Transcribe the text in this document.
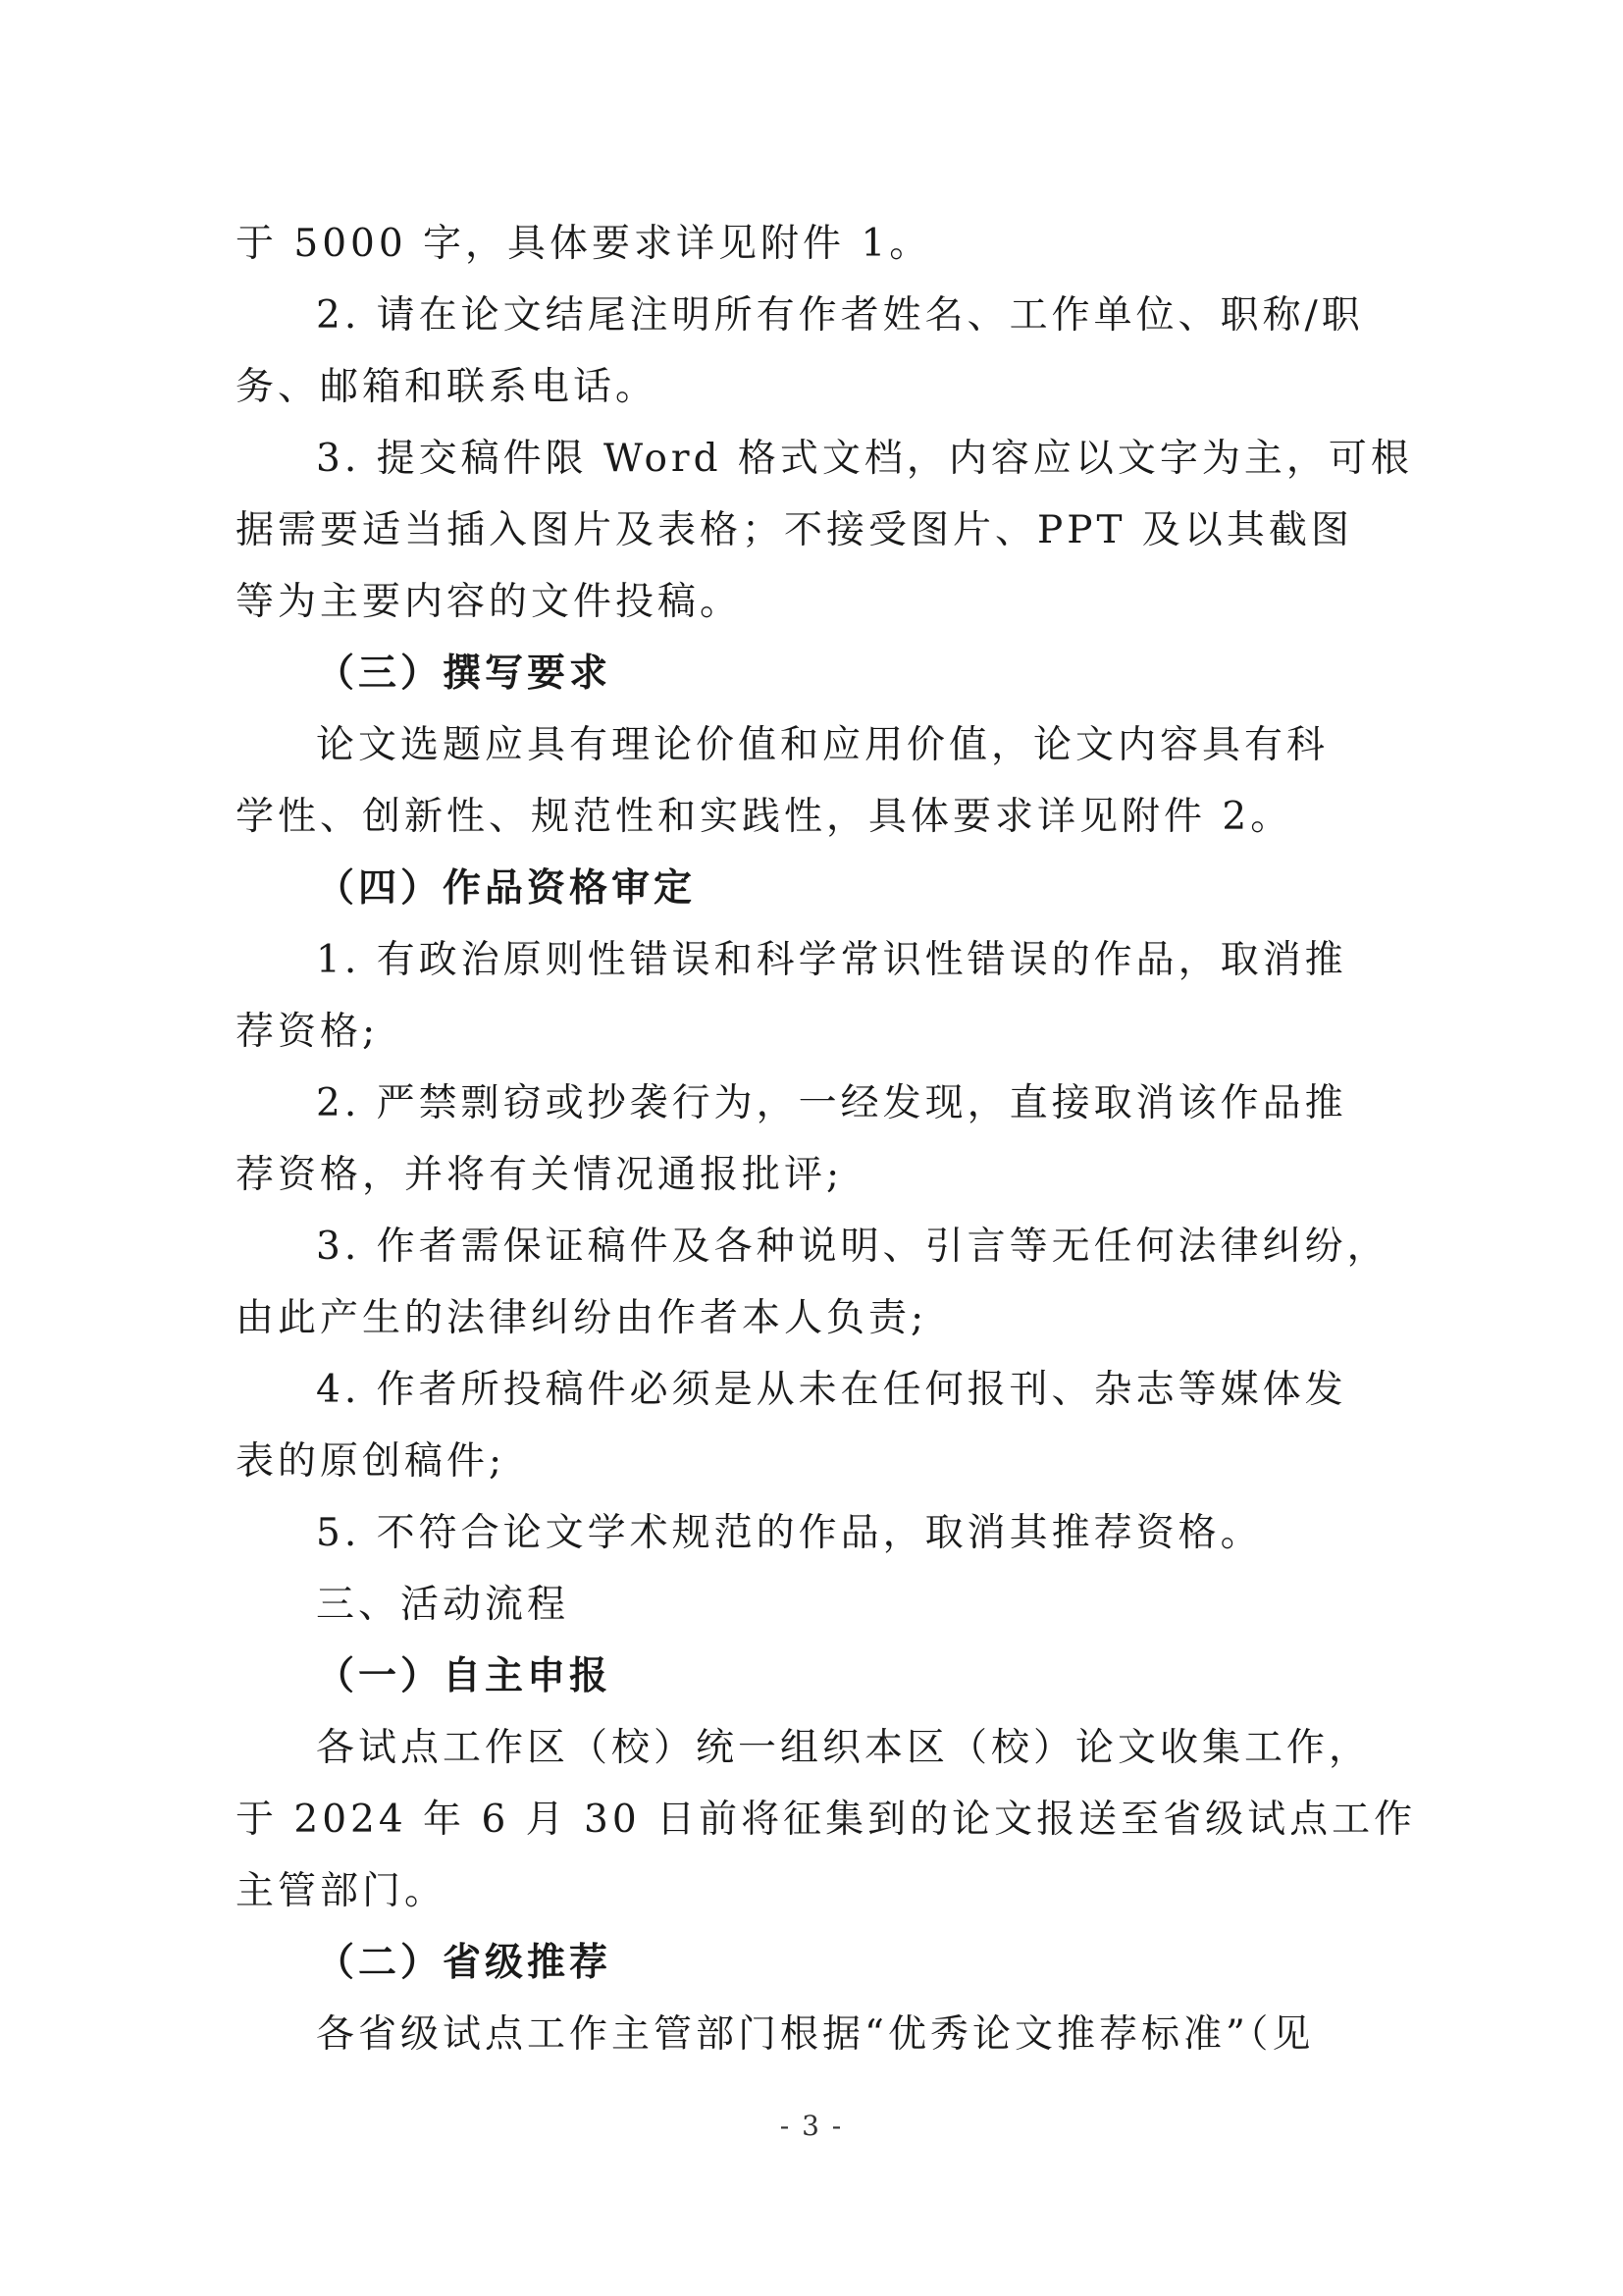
于 5000 字，具体要求详见附件 1。
2. 请在论文结尾注明所有作者姓名、工作单位、职称/职
务、邮箱和联系电话。
3. 提交稿件限 Word 格式文档，内容应以文字为主，可根
据需要适当插入图片及表格；不接受图片、PPT 及以其截图
等为主要内容的文件投稿。
（三）撰写要求
论文选题应具有理论价值和应用价值，论文内容具有科
学性、创新性、规范性和实践性，具体要求详见附件 2。
（四）作品资格审定
1. 有政治原则性错误和科学常识性错误的作品，取消推
荐资格;
2. 严禁剽窃或抄袭行为，一经发现，直接取消该作品推
荐资格，并将有关情况通报批评;
3. 作者需保证稿件及各种说明、引言等无任何法律纠纷，
由此产生的法律纠纷由作者本人负责;
4. 作者所投稿件必须是从未在任何报刊、杂志等媒体发
表的原创稿件;
5. 不符合论文学术规范的作品，取消其推荐资格。
三、活动流程
（一）自主申报
各试点工作区（校）统一组织本区（校）论文收集工作，
于 2024 年 6 月 30 日前将征集到的论文报送至省级试点工作
主管部门。
（二）省级推荐
各省级试点工作主管部门根据“优秀论文推荐标准”（见
- 3 -
